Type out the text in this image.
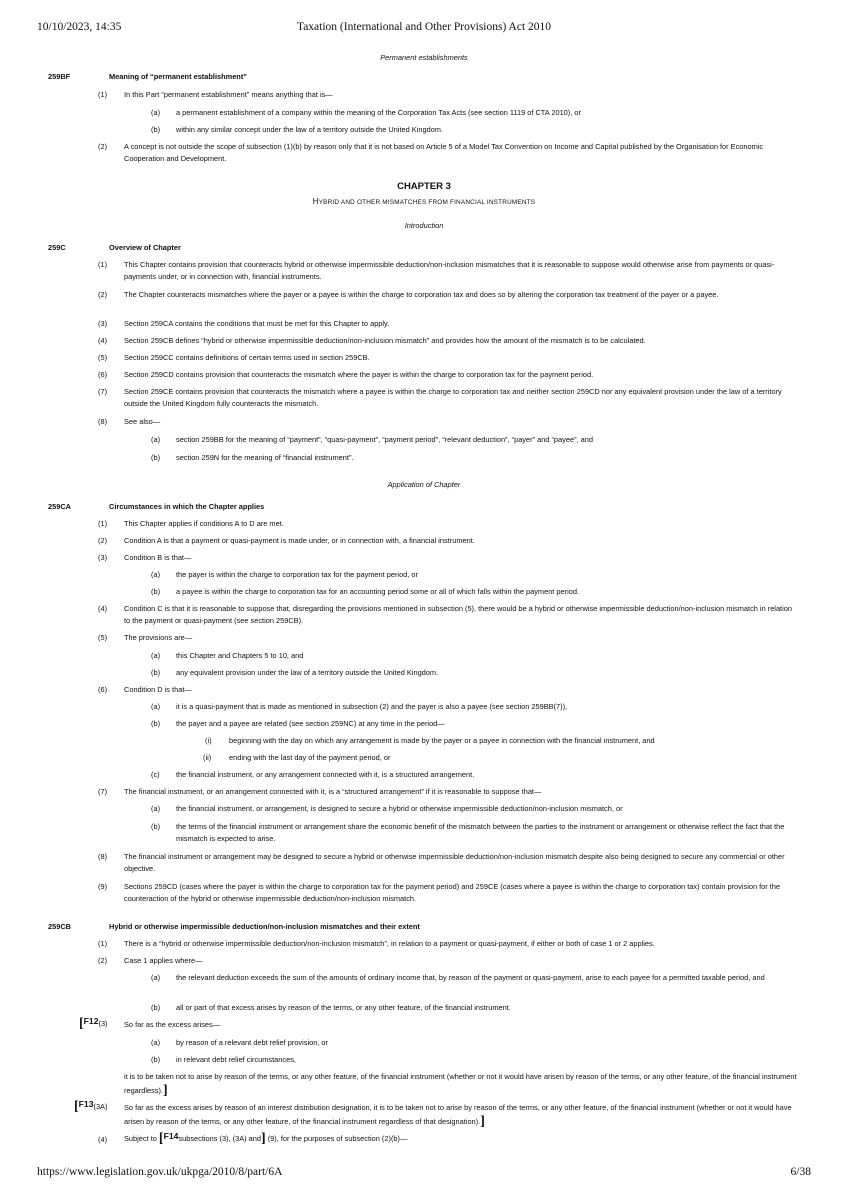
10/10/2023, 14:35	Taxation (International and Other Provisions) Act 2010
Permanent establishments
259BF	Meaning of “permanent establishment”
(1) In this Part “permanent establishment” means anything that is—
(a) a permanent establishment of a company within the meaning of the Corporation Tax Acts (see section 1119 of CTA 2010), or
(b) within any similar concept under the law of a territory outside the United Kingdom.
(2) A concept is not outside the scope of subsection (1)(b) by reason only that it is not based on Article 5 of a Model Tax Convention on Income and Capital published by the Organisation for Economic Cooperation and Development.
CHAPTER 3
HYBRID AND OTHER MISMATCHES FROM FINANCIAL INSTRUMENTS
Introduction
259C	Overview of Chapter
(1) This Chapter contains provision that counteracts hybrid or otherwise impermissible deduction/non-inclusion mismatches that it is reasonable to suppose would otherwise arise from payments or quasi-payments under, or in connection with, financial instruments.
(2) The Chapter counteracts mismatches where the payer or a payee is within the charge to corporation tax and does so by altering the corporation tax treatment of the payer or a payee.
(3) Section 259CA contains the conditions that must be met for this Chapter to apply.
(4) Section 259CB defines “hybrid or otherwise impermissible deduction/non-inclusion mismatch” and provides how the amount of the mismatch is to be calculated.
(5) Section 259CC contains definitions of certain terms used in section 259CB.
(6) Section 259CD contains provision that counteracts the mismatch where the payer is within the charge to corporation tax for the payment period.
(7) Section 259CE contains provision that counteracts the mismatch where a payee is within the charge to corporation tax and neither section 259CD nor any equivalent provision under the law of a territory outside the United Kingdom fully counteracts the mismatch.
(8) See also—
(a) section 259BB for the meaning of “payment”, “quasi-payment”, “payment period”, “relevant deduction”, “payer” and “payee”, and
(b) section 259N for the meaning of “financial instrument”.
Application of Chapter
259CA	Circumstances in which the Chapter applies
(1) This Chapter applies if conditions A to D are met.
(2) Condition A is that a payment or quasi-payment is made under, or in connection with, a financial instrument.
(3) Condition B is that—
(a) the payer is within the charge to corporation tax for the payment period, or
(b) a payee is within the charge to corporation tax for an accounting period some or all of which falls within the payment period.
(4) Condition C is that it is reasonable to suppose that, disregarding the provisions mentioned in subsection (5), there would be a hybrid or otherwise impermissible deduction/non-inclusion mismatch in relation to the payment or quasi-payment (see section 259CB).
(5) The provisions are—
(a) this Chapter and Chapters 5 to 10, and
(b) any equivalent provision under the law of a territory outside the United Kingdom.
(6) Condition D is that—
(a) it is a quasi-payment that is made as mentioned in subsection (2) and the payer is also a payee (see section 259BB(7)),
(b) the payer and a payee are related (see section 259NC) at any time in the period—
(i) beginning with the day on which any arrangement is made by the payer or a payee in connection with the financial instrument, and
(ii) ending with the last day of the payment period, or
(c) the financial instrument, or any arrangement connected with it, is a structured arrangement.
(7) The financial instrument, or an arrangement connected with it, is a “structured arrangement” if it is reasonable to suppose that—
(a) the financial instrument, or arrangement, is designed to secure a hybrid or otherwise impermissible deduction/non-inclusion mismatch, or
(b) the terms of the financial instrument or arrangement share the economic benefit of the mismatch between the parties to the instrument or arrangement or otherwise reflect the fact that the mismatch is expected to arise.
(8) The financial instrument or arrangement may be designed to secure a hybrid or otherwise impermissible deduction/non-inclusion mismatch despite also being designed to secure any commercial or other objective.
(9) Sections 259CD (cases where the payer is within the charge to corporation tax for the payment period) and 259CE (cases where a payee is within the charge to corporation tax) contain provision for the counteraction of the hybrid or otherwise impermissible deduction/non-inclusion mismatch.
259CB	Hybrid or otherwise impermissible deduction/non-inclusion mismatches and their extent
(1) There is a “hybrid or otherwise impermissible deduction/non-inclusion mismatch”, in relation to a payment or quasi-payment, if either or both of case 1 or 2 applies.
(2) Case 1 applies where—
(a) the relevant deduction exceeds the sum of the amounts of ordinary income that, by reason of the payment or quasi-payment, arise to each payee for a permitted taxable period, and
(b) all or part of that excess arises by reason of the terms, or any other feature, of the financial instrument.
[F12(3) So far as the excess arises—
(a) by reason of a relevant debt relief provision, or
(b) in relevant debt relief circumstances,
it is to be taken not to arise by reason of the terms, or any other feature, of the financial instrument (whether or not it would have arisen by reason of the terms, or any other feature, of the financial instrument regardless).]
[F13(3A) So far as the excess arises by reason of an interest distribution designation, it is to be taken not to arise by reason of the terms, or any other feature, of the financial instrument (whether or not it would have arisen by reason of the terms, or any other feature, of the financial instrument regardless of that designation).]
(4) Subject to [F14subsections (3), (3A) and] (9), for the purposes of subsection (2)(b)—
https://www.legislation.gov.uk/ukpga/2010/8/part/6A	6/38
